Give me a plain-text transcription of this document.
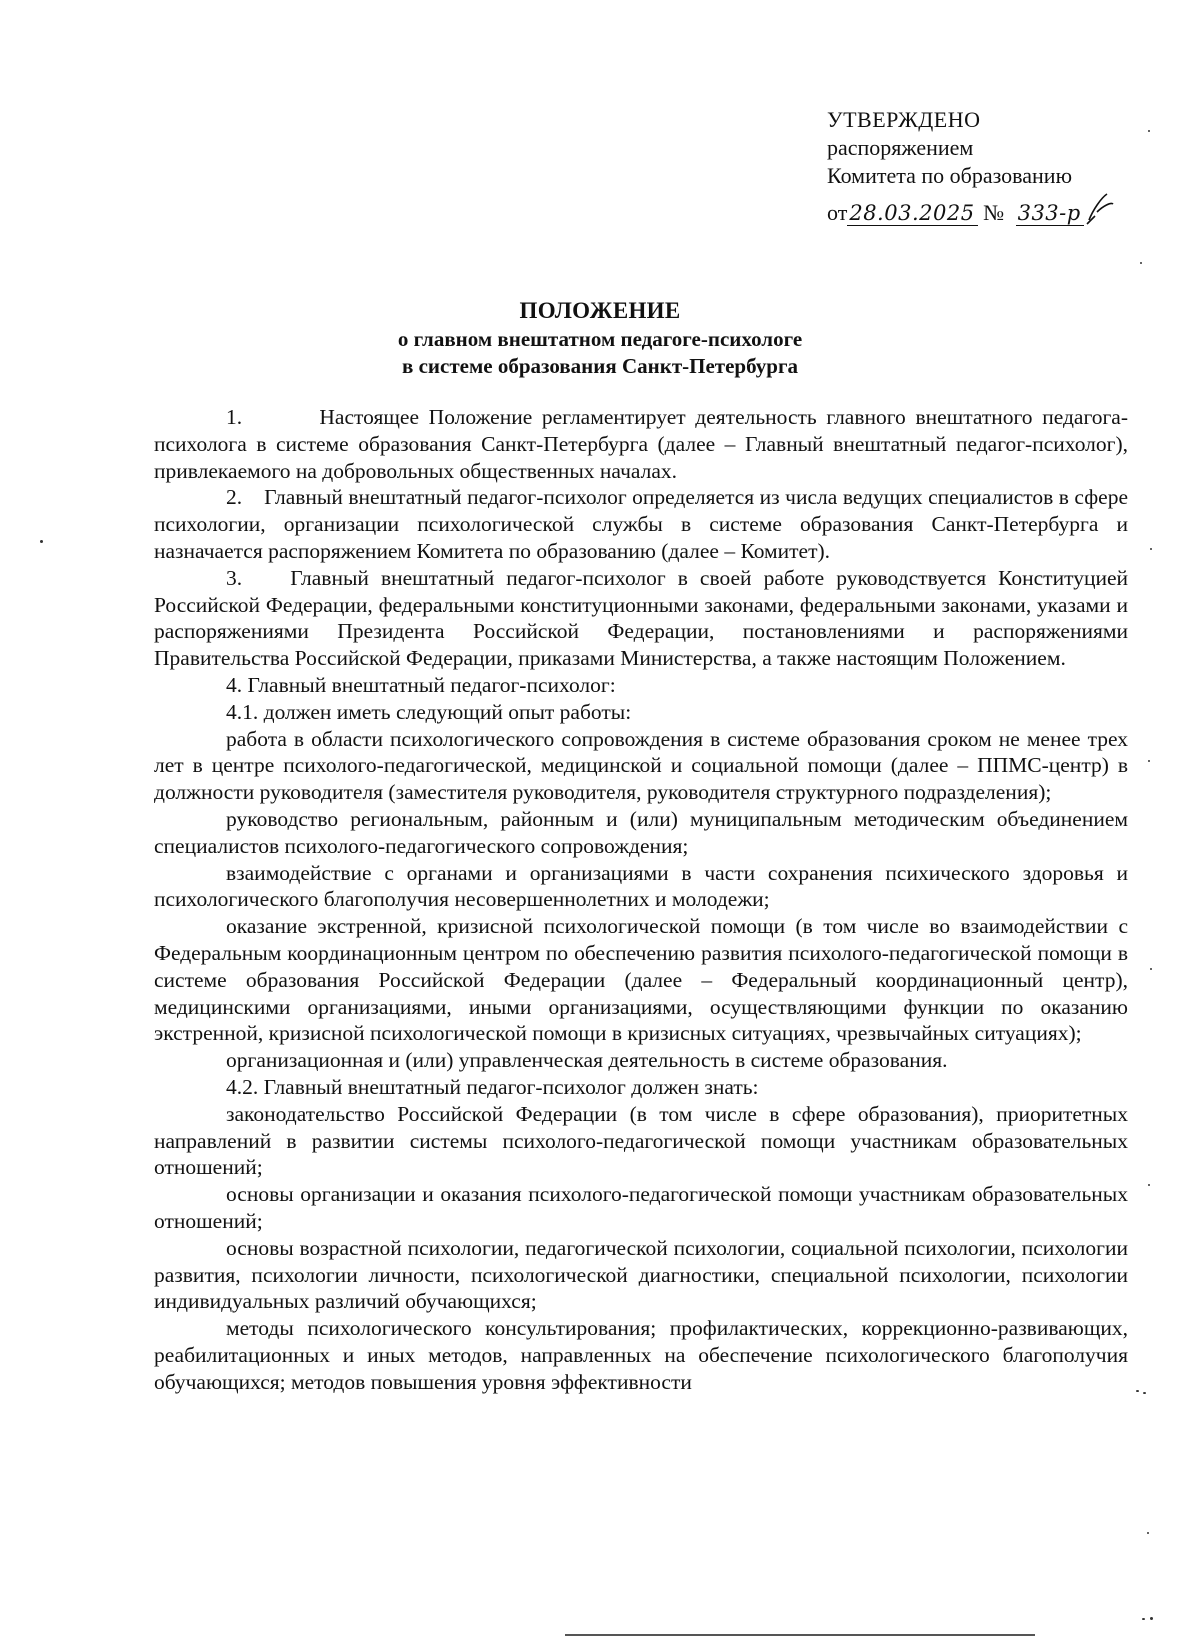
УТВЕРЖДЕНО
распоряжением
Комитета по образованию
от28.03.2025 № 333-р
ПОЛОЖЕНИЕ
о главном внештатном педагоге-психологе
в системе образования Санкт-Петербурга

1.        Настоящее Положение регламентирует деятельность главного внештатного педагога-психолога в системе образования Санкт-Петербурга (далее – Главный внештатный педагог-психолог), привлекаемого на добровольных общественных началах.

2.    Главный внештатный педагог-психолог определяется из числа ведущих специалистов в сфере психологии, организации психологической службы в системе образования Санкт-Петербурга и назначается распоряжением Комитета по образованию (далее – Комитет).

3.    Главный внештатный педагог-психолог в своей работе руководствуется Конституцией Российской Федерации, федеральными конституционными законами, федеральными законами, указами и распоряжениями Президента Российской Федерации, постановлениями и распоряжениями Правительства Российской Федерации, приказами Министерства, а также настоящим Положением.

4. Главный внештатный педагог-психолог:

4.1. должен иметь следующий опыт работы:

работа в области психологического сопровождения в системе образования сроком не менее трех лет в центре психолого-педагогической, медицинской и социальной помощи (далее – ППМС-центр) в должности руководителя (заместителя руководителя, руководителя структурного подразделения);

руководство региональным, районным и (или) муниципальным методическим объединением специалистов психолого-педагогического сопровождения;

взаимодействие с органами и организациями в части сохранения психического здоровья и психологического благополучия несовершеннолетних и молодежи;

оказание экстренной, кризисной психологической помощи (в том числе во взаимодействии с Федеральным координационным центром по обеспечению развития психолого-педагогической помощи в системе образования Российской Федерации (далее – Федеральный координационный центр), медицинскими организациями, иными организациями, осуществляющими функции по оказанию экстренной, кризисной психологической помощи в кризисных ситуациях, чрезвычайных ситуациях);

организационная и (или) управленческая деятельность в системе образования.

4.2. Главный внештатный педагог-психолог должен знать:

законодательство Российской Федерации (в том числе в сфере образования), приоритетных направлений в развитии системы психолого-педагогической помощи участникам образовательных отношений;

основы организации и оказания психолого-педагогической помощи участникам образовательных отношений;

основы возрастной психологии, педагогической психологии, социальной психологии, психологии развития, психологии личности, психологической диагностики, специальной психологии, психологии индивидуальных различий обучающихся;

методы психологического консультирования; профилактических, коррекционно-развивающих, реабилитационных и иных методов, направленных на обеспечение психологического благополучия обучающихся; методов повышения уровня эффективности
